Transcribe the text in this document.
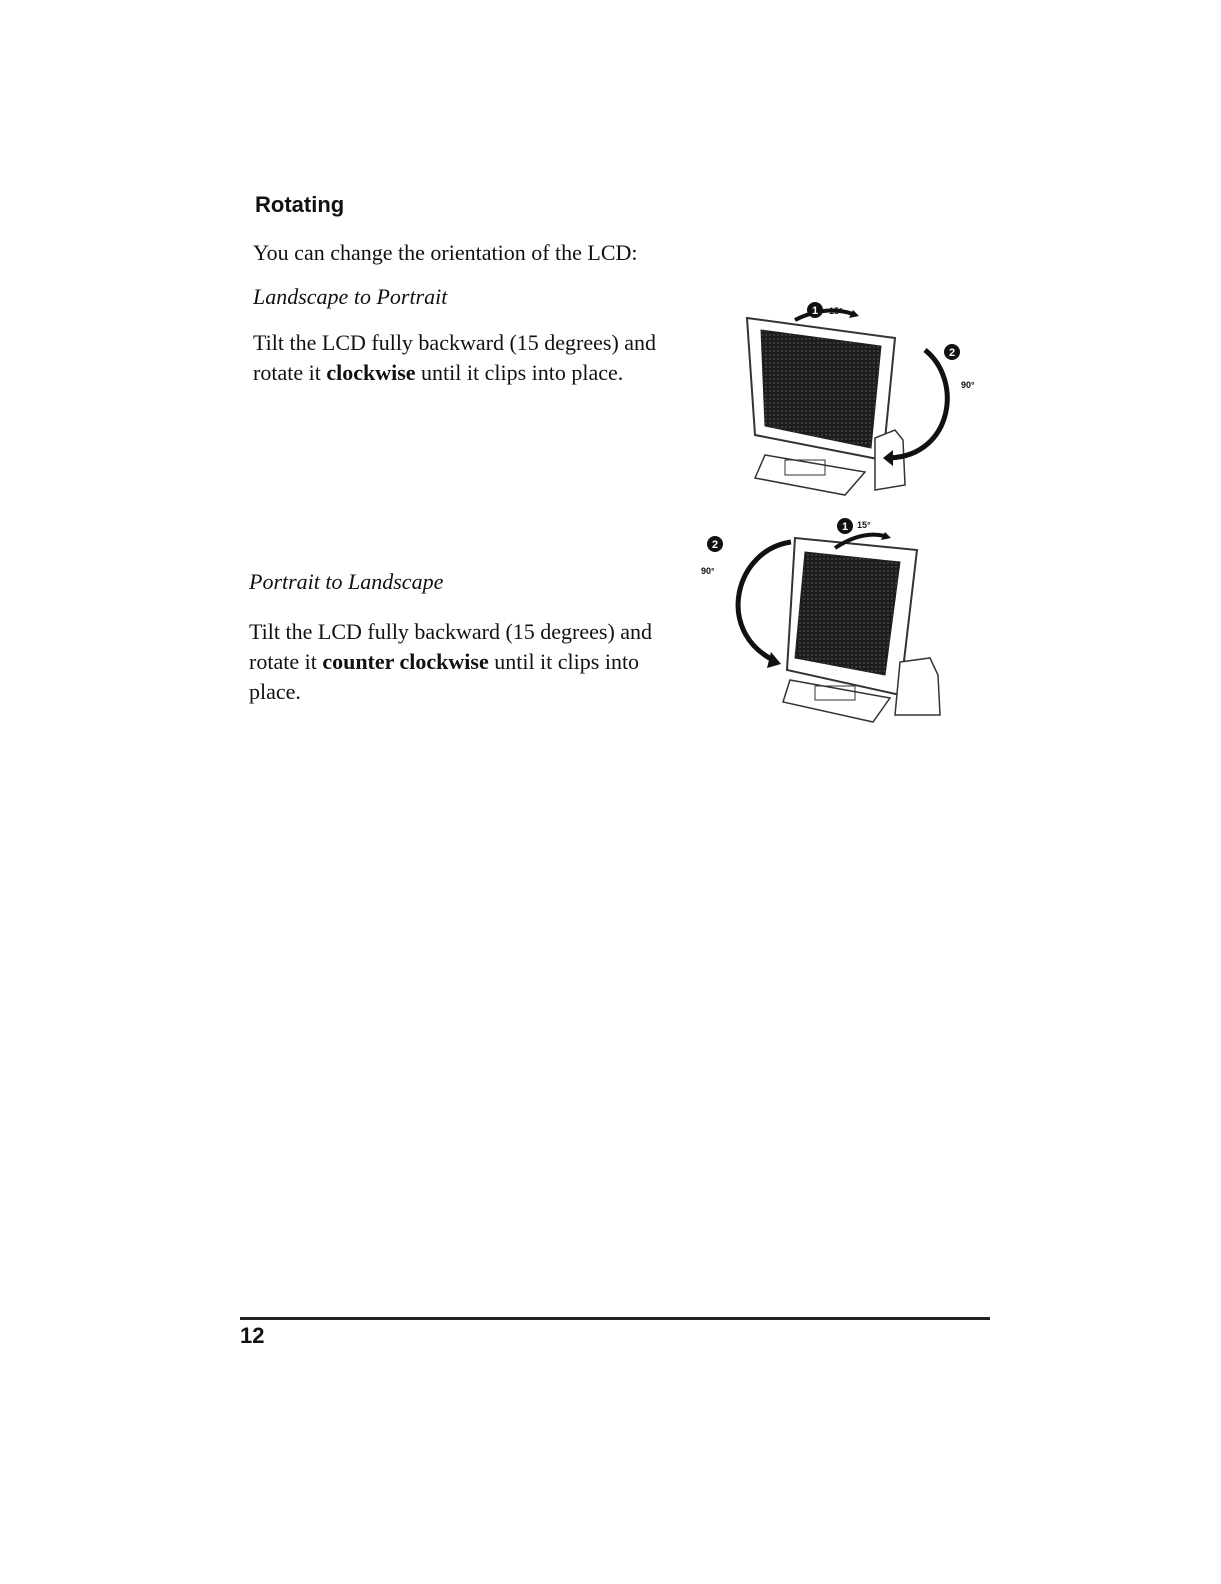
Rotating

You can change the orientation of the LCD:

Landscape to Portrait

Tilt the LCD fully backward (15 degrees) and rotate it clockwise until it clips into place.

1 15°
2
90°
Portrait to Landscape

Tilt the LCD fully backward (15 degrees) and rotate it counter clockwise until it clips into place.

1 15°
2
90°

12
